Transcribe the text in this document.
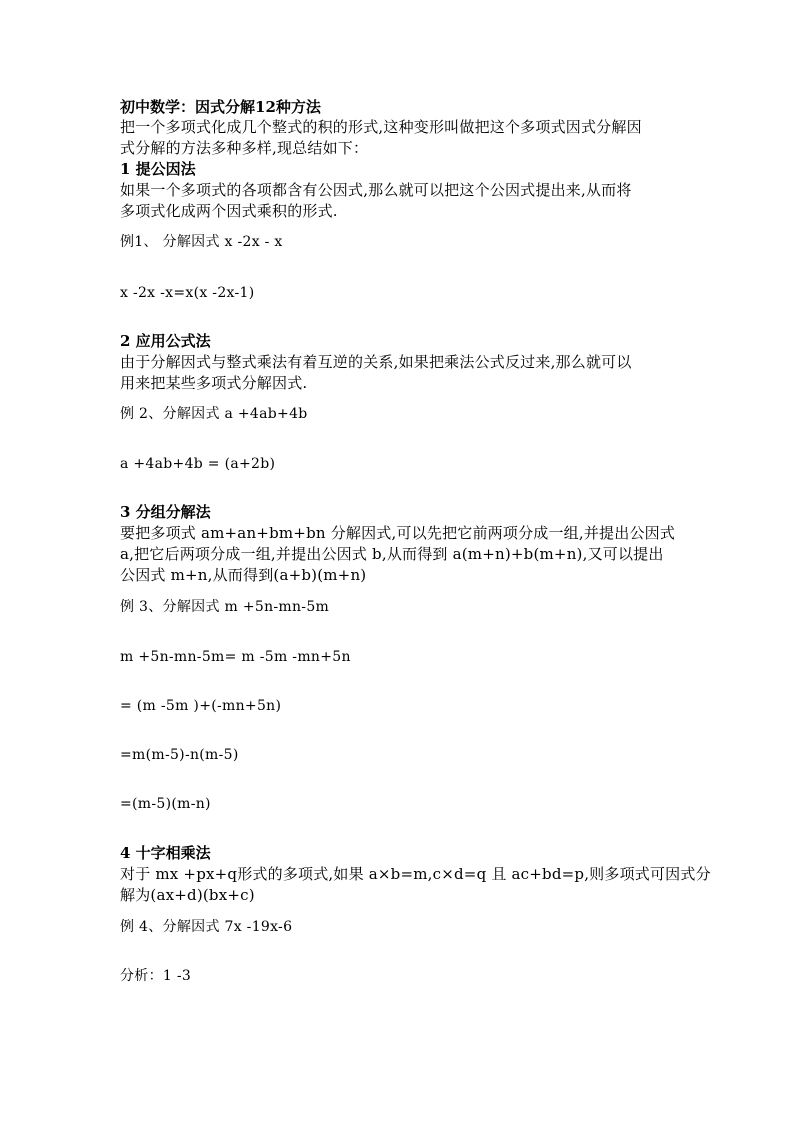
初中数学：因式分解12种方法
把一个多项式化成几个整式的积的形式,这种变形叫做把这个多项式因式分解因
式分解的方法多种多样,现总结如下：
1 提公因法
如果一个多项式的各项都含有公因式,那么就可以把这个公因式提出来,从而将
多项式化成两个因式乘积的形式.
例1、 分解因式 x -2x - x
x -2x -x=x(x -2x-1)
2 应用公式法
由于分解因式与整式乘法有着互逆的关系,如果把乘法公式反过来,那么就可以
用来把某些多项式分解因式.
例 2、分解因式 a +4ab+4b
a +4ab+4b = (a+2b)
3 分组分解法
要把多项式 am+an+bm+bn 分解因式,可以先把它前两项分成一组,并提出公因式
a,把它后两项分成一组,并提出公因式 b,从而得到 a(m+n)+b(m+n),又可以提出
公因式 m+n,从而得到(a+b)(m+n)
例 3、分解因式 m +5n-mn-5m
m +5n-mn-5m= m -5m -mn+5n
= (m -5m )+(-mn+5n)
=m(m-5)-n(m-5)
=(m-5)(m-n)
4 十字相乘法
对于 mx +px+q形式的多项式,如果 a×b=m,c×d=q 且 ac+bd=p,则多项式可因式分
解为(ax+d)(bx+c)
例 4、分解因式 7x -19x-6
分析：1 -3
